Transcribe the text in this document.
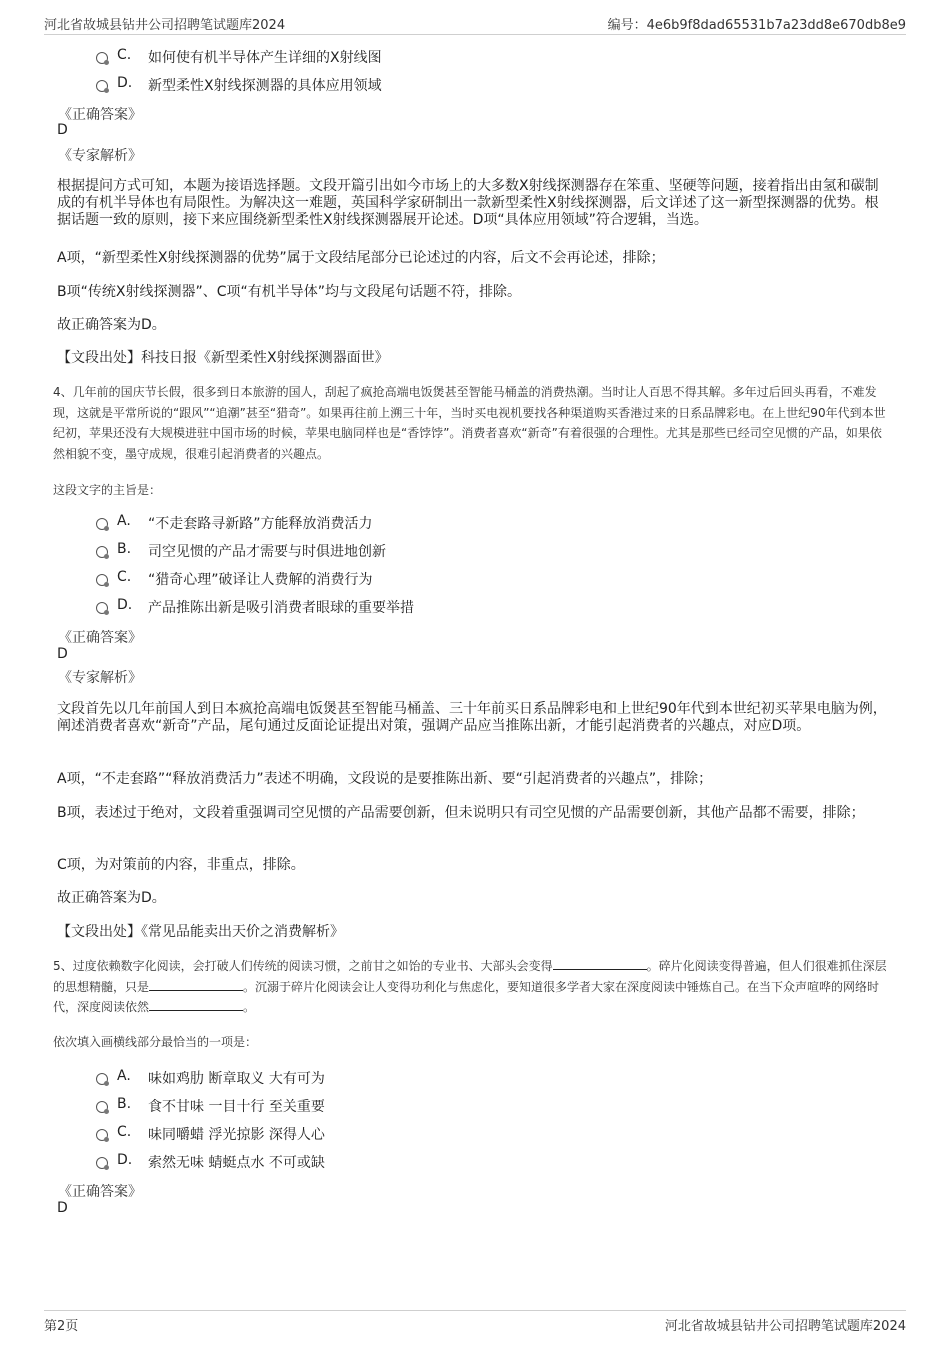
河北省故城县钻井公司招聘笔试题库2024	编号：4e6b9f8dad65531b7a23dd8e670db8e9
C. 如何使有机半导体产生详细的X射线图
D. 新型柔性X射线探测器的具体应用领域
《正确答案》
D
《专家解析》
根据提问方式可知，本题为接语选择题。文段开篇引出如今市场上的大多数X射线探测器存在笨重、坚硬等问题，接着指出由氢和碳制成的有机半导体也有局限性。为解决这一难题，英国科学家研制出一款新型柔性X射线探测器，后文详述了这一新型探测器的优势。根据话题一致的原则，接下来应围绕新型柔性X射线探测器展开论述。D项“具体应用领域”符合逻辑，当选。
A项，“新型柔性X射线探测器的优势”属于文段结尾部分已论述过的内容，后文不会再论述，排除；
B项“传统X射线探测器”、C项“有机半导体”均与文段尾句话题不符，排除。
故正确答案为D。
【文段出处】科技日报《新型柔性X射线探测器面世》
4、几年前的国庆节长假，很多到日本旅游的国人，刮起了疯抢高端电饭煲甚至智能马桶盖的消费热潮。当时让人百思不得其解。多年过后回头再看，不难发现，这就是平常所说的“跟风”“追潮”甚至“猎奇”。如果再往前上溯三十年，当时买电视机要找各种渠道购买香港过来的日系品牌彩电。在上世纪90年代到本世纪初，苹果还没有大规模进驻中国市场的时候，苹果电脑同样也是“香饽饽”。消费者喜欢“新奇”有着很强的合理性。尤其是那些已经司空见惯的产品，如果依然相貌不变，墨守成规，很难引起消费者的兴趣点。
这段文字的主旨是：
A. “不走套路寻新路”方能释放消费活力
B. 司空见惯的产品才需要与时俱进地创新
C. “猎奇心理”破译让人费解的消费行为
D. 产品推陈出新是吸引消费者眼球的重要举措
《正确答案》
D
《专家解析》
文段首先以几年前国人到日本疯抢高端电饭煲甚至智能马桶盖、三十年前买日系品牌彩电和上世纪90年代到本世纪初买苹果电脑为例，阐述消费者喜欢“新奇”产品，尾句通过反面论证提出对策，强调产品应当推陈出新，才能引起消费者的兴趣点，对应D项。
A项，“不走套路”“释放消费活力”表述不明确，文段说的是要推陈出新、要“引起消费者的兴趣点”，排除；
B项，表述过于绝对，文段着重强调司空见惯的产品需要创新，但未说明只有司空见惯的产品需要创新，其他产品都不需要，排除；
C项，为对策前的内容，非重点，排除。
故正确答案为D。
【文段出处】《常见品能卖出天价之消费解析》
5、过度依赖数字化阅读，会打破人们传统的阅读习惯，之前甘之如饴的专业书、大部头会变得	。碎片化阅读变得普遍，但人们很难抓住深层的思想精髓，只是	。沉溺于碎片化阅读会让人变得功利化与焦虑化，要知道很多学者大家在深度阅读中锤炼自己。在当下众声喧哗的网络时代，深度阅读依然	。
依次填入画横线部分最恰当的一项是：
A. 味如鸡肋 断章取义 大有可为
B. 食不甘味 一目十行 至关重要
C. 味同嚼蜡 浮光掠影 深得人心
D. 索然无味 蜻蜓点水 不可或缺
《正确答案》
D
第2页	河北省故城县钻井公司招聘笔试题库2024
